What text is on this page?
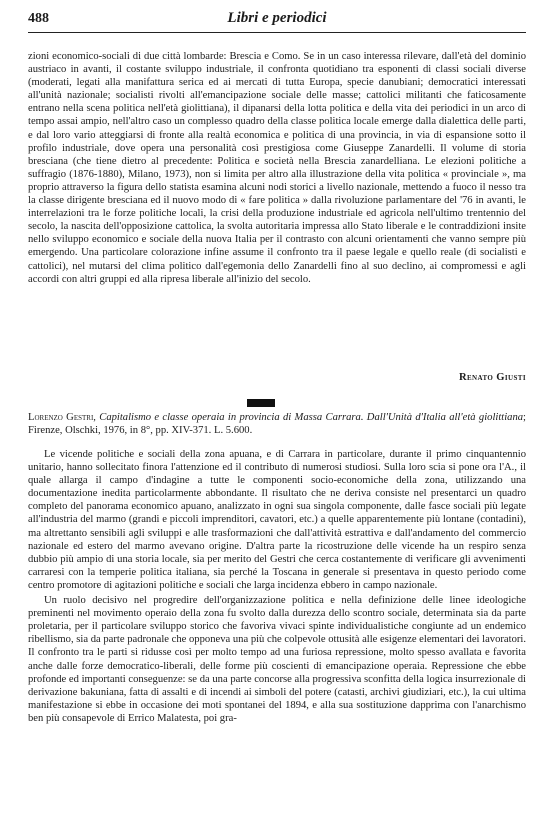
488	Libri e periodici

zioni economico-sociali di due città lombarde: Brescia e Como. Se in un caso interessa rilevare, dall'età del dominio austriaco in avanti, il costante sviluppo industriale, il confronta quotidiano tra esponenti di classi sociali diverse (moderati, legati alla manifattura serica ed ai mercati di tutta Europa, specie danubiani; democratici interessati all'unità nazionale; socialisti rivolti all'emancipazione sociale delle masse; cattolici militanti che faticosamente entrano nella scena politica nell'età giolittiana), il dipanarsi della lotta politica e della vita dei periodici in un arco di tempo assai ampio, nell'altro caso un complesso quadro della classe politica locale emerge dalla dialettica delle parti, e dal loro vario atteggiarsi di fronte alla realtà economica e politica di una provincia, in via di espansione sotto il profilo industriale, dove opera una personalità così prestigiosa come Giuseppe Zanardelli. Il volume di storia bresciana (che tiene dietro al precedente: Politica e società nella Brescia zanardelliana. Le elezioni politiche a suffragio (1876-1880), Milano, 1973), non si limita per altro alla illustrazione della vita politica « provinciale », ma proprio attraverso la figura dello statista esamina alcuni nodi storici a livello nazionale, mettendo a fuoco il nesso tra la classe dirigente bresciana ed il nuovo modo di « fare politica » dalla rivoluzione parlamentare del '76 in avanti, le interrelazioni tra le forze politiche locali, la crisi della produzione industriale ed agricola nell'ultimo trentennio del secolo, la nascita dell'opposizione cattolica, la svolta autoritaria impressa allo Stato liberale e le contraddizioni insite nello sviluppo economico e sociale della nuova Italia per il contrasto con alcuni orientamenti che vanno sempre più emergendo. Una particolare colorazione infine assume il confronto tra il paese legale e quello reale (di socialisti e cattolici), nel mutarsi del clima politico dall'egemonia dello Zanardelli fino al suo declino, ai compromessi e agli accordi con altri gruppi ed alla ripresa liberale all'inizio del secolo.

Renato Giusti

Lorenzo Gestri, Capitalismo e classe operaia in provincia di Massa Carrara. Dall'Unità d'Italia all'età giolittiana; Firenze, Olschki, 1976, in 8°, pp. XIV-371. L. 5.600.

Le vicende politiche e sociali della zona apuana, e di Carrara in particolare, durante il primo cinquantennio unitario, hanno sollecitato finora l'attenzione ed il contributo di numerosi studiosi. Sulla loro scia si pone ora l'A., il quale allarga il campo d'indagine a tutte le componenti socio-economiche della zona, utilizzando una documentazione inedita particolarmente abbondante. Il risultato che ne deriva consiste nel presentarci un quadro completo del panorama economico apuano, analizzato in ogni sua singola componente, dalle fasce sociali più legate all'industria del marmo (grandi e piccoli imprenditori, cavatori, etc.) a quelle apparentemente più lontane (contadini), ma altrettanto sensibili agli sviluppi e alle trasformazioni che dall'attività estrattiva e dall'andamento del commercio nazionale ed estero del marmo avevano origine. D'altra parte la ricostruzione delle vicende ha un respiro senza dubbio più ampio di una storia locale, sia per merito del Gestri che cerca costantemente di verificare gli avvenimenti carraresi con la temperie politica italiana, sia perché la Toscana in generale si presentava in questo periodo come centro promotore di agitazioni politiche e sociali che larga incidenza ebbero in campo nazionale.

Un ruolo decisivo nel progredire dell'organizzazione politica e nella definizione delle linee ideologiche preminenti nel movimento operaio della zona fu svolto dalla durezza dello scontro sociale, determinata sia da parte proletaria, per il particolare sviluppo storico che favoriva vivaci spinte individualistiche congiunte ad un endemico ribellismo, sia da parte padronale che opponeva una più che colpevole ottusità alle esigenze elementari dei lavoratori. Il confronto tra le parti si ridusse così per molto tempo ad una furiosa repressione, molto spesso avallata e favorita anche dalle forze democratico-liberali, delle forme più coscienti di emancipazione operaia. Repressione che ebbe profonde ed importanti conseguenze: se da una parte concorse alla progressiva sconfitta della logica insurrezionale di derivazione bakuniana, fatta di assalti e di incendi ai simboli del potere (catasti, archivi giudiziari, etc.), la cui ultima manifestazione si ebbe in occasione dei moti spontanei del 1894, e alla sua sostituzione dapprima con l'anarchismo ben più consapevole di Errico Malatesta, poi gra-
